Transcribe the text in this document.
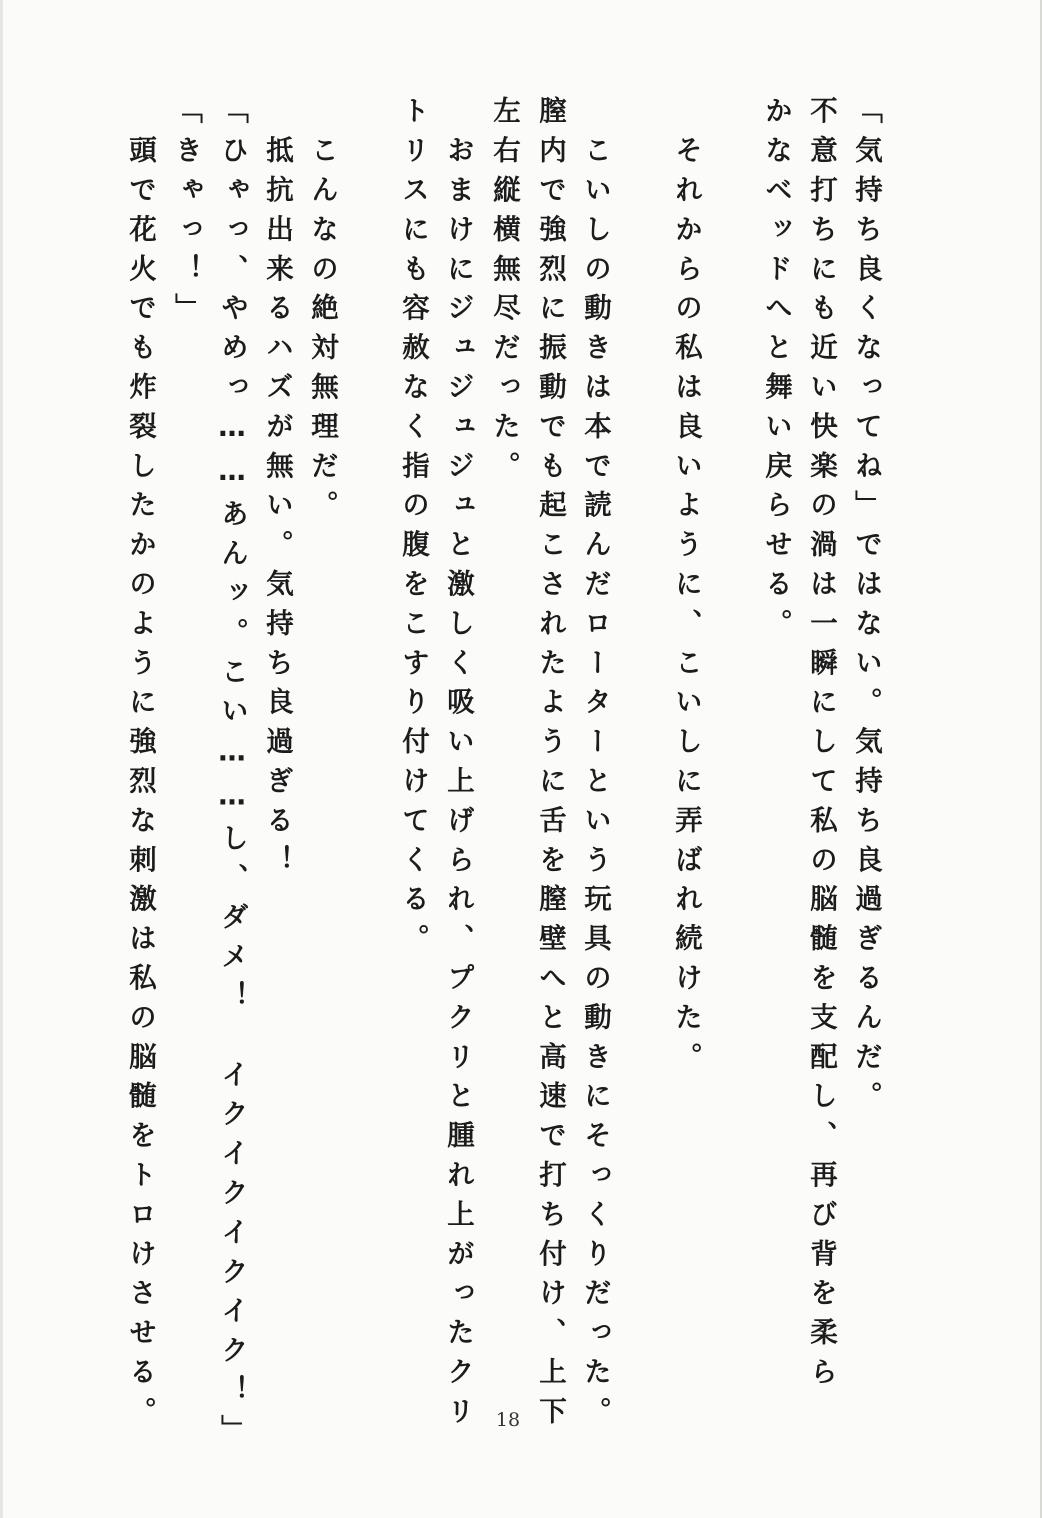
「気持ち良くなってね」ではない。気持ち良過ぎるんだ。
不意打ちにも近い快楽の渦は一瞬にして私の脳髄を支配し、再び背を柔ら
かなベッドへと舞い戻らせる。
　それからの私は良いように、こいしに弄ばれ続けた。
　こいしの動きは本で読んだローターという玩具の動きにそっくりだった。
膣内で強烈に振動でも起こされたように舌を膣壁へと高速で打ち付け、上下
左右縦横無尽だった。
　おまけにジュジュジュと激しく吸い上げられ、プクリと腫れ上がったクリ
トリスにも容赦なく指の腹をこすり付けてくる。
　こんなの絶対無理だ。
　抵抗出来るハズが無い。気持ち良過ぎる！
「ひゃっ、やめっ……あんッ。こい……し、ダメ！　イクイクイクイク！」
「きゃっ！」
　頭で花火でも炸裂したかのように強烈な刺激は私の脳髄をトロけさせる。	18
